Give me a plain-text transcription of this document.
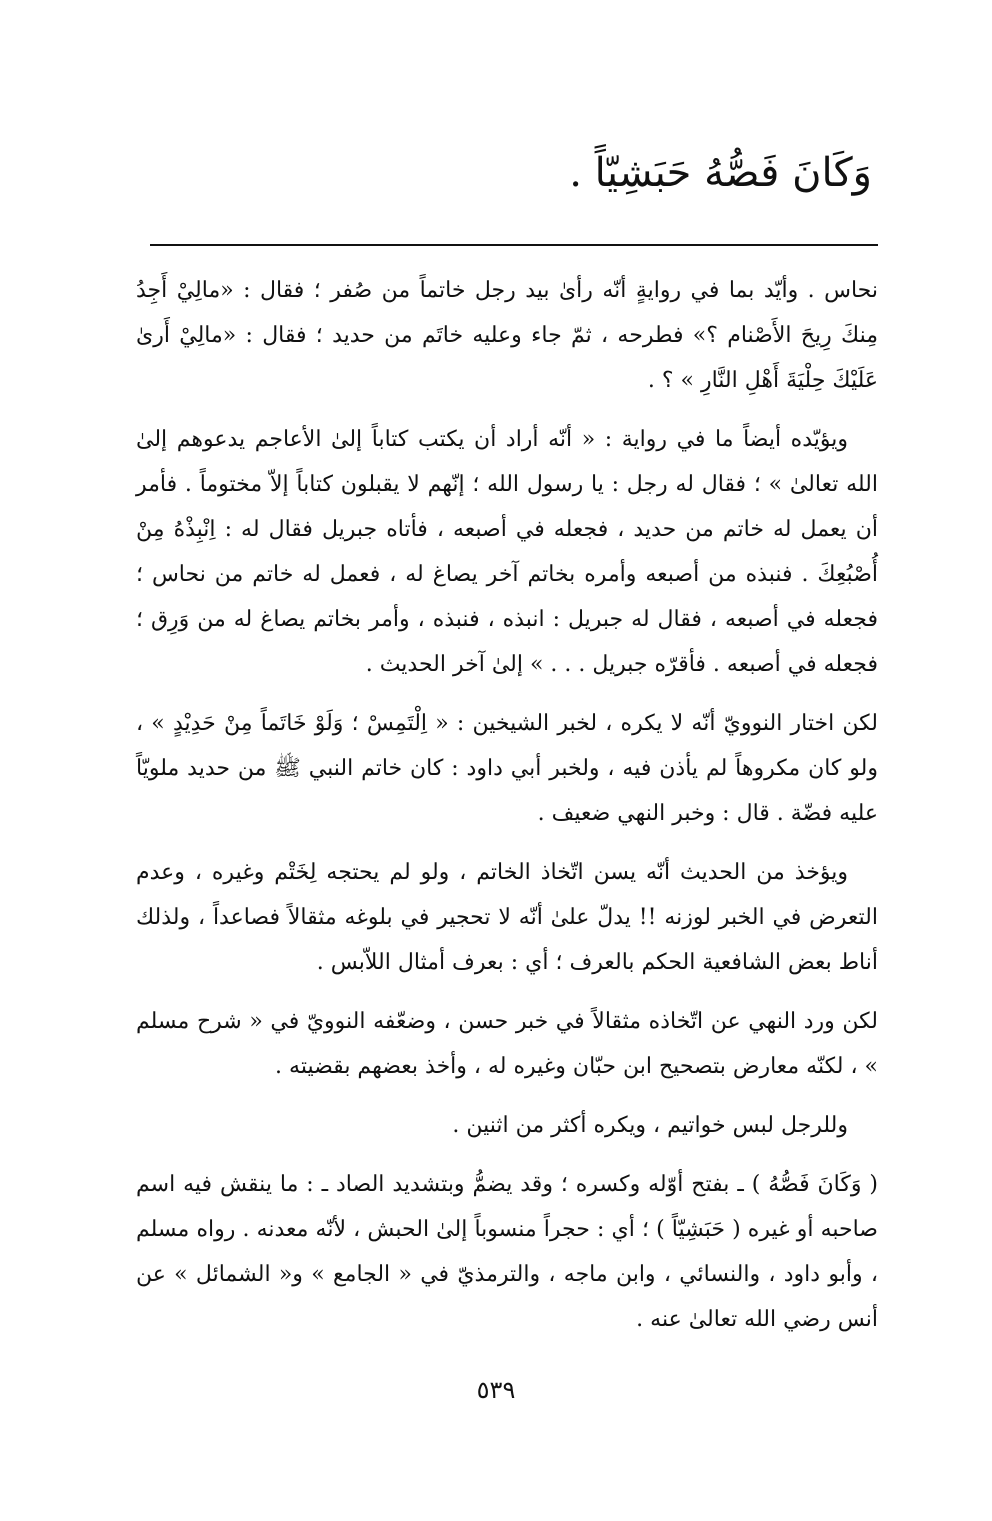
وَكَانَ فَصُّهُ حَبَشِيّاً .

نحاس . وأيّد بما في روايةٍ أنّه رأىٰ بيد رجل خاتماً من صُفر ؛ فقال : «مالِيْ أَجِدُ مِنكَ رِيحَ الأَصْنام ؟» فطرحه ، ثمّ جاء وعليه خاتَم من حديد ؛ فقال : «مالِيْ أَرىٰ عَلَيْكَ حِلْيَةَ أَهْلِ النَّارِ » ؟ .

ويؤيّده أيضاً ما في رواية : « أنّه أراد أن يكتب كتاباً إلىٰ الأعاجم يدعوهم إلىٰ الله تعالىٰ » ؛ فقال له رجل : يا رسول الله ؛ إنّهم لا يقبلون كتاباً إلاّ مختوماً . فأمر أن يعمل له خاتم من حديد ، فجعله في أصبعه ، فأتاه جبريل فقال له : اِنْبِذْهُ مِنْ أُصْبُعِكَ . فنبذه من أصبعه وأمره بخاتم آخر يصاغ له ، فعمل له خاتم من نحاس ؛ فجعله في أصبعه ، فقال له جبريل : انبذه ، فنبذه ، وأمر بخاتم يصاغ له من وَرِق ؛ فجعله في أصبعه . فأقرّه جبريل . . . » إلىٰ آخر الحديث .

لكن اختار النوويّ أنّه لا يكره ، لخبر الشيخين : « اِلْتَمِسْ ؛ وَلَوْ خَاتَماً مِنْ حَدِيْدٍ » ، ولو كان مكروهاً لم يأذن فيه ، ولخبر أبي داود : كان خاتم النبي ﷺ من حديد ملويّاً عليه فضّة . قال : وخبر النهي ضعيف .

ويؤخذ من الحديث أنّه يسن اتّخاذ الخاتم ، ولو لم يحتجه لِخَتْم وغيره ، وعدم التعرض في الخبر لوزنه !! يدلّ علىٰ أنّه لا تحجير في بلوغه مثقالاً فصاعداً ، ولذلك أناط بعض الشافعية الحكم بالعرف ؛ أي : بعرف أمثال اللاّبس .

لكن ورد النهي عن اتّخاذه مثقالاً في خبر حسن ، وضعّفه النوويّ في « شرح مسلم » ، لكنّه معارض بتصحيح ابن حبّان وغيره له ، وأخذ بعضهم بقضيته .

وللرجل لبس خواتيم ، ويكره أكثر من اثنين .

( وَكَانَ فَصُّهُ ) ـ بفتح أوّله وكسره ؛ وقد يضمُّ وبتشديد الصاد ـ : ما ينقش فيه اسم صاحبه أو غيره ( حَبَشِيّاً ) ؛ أي : حجراً منسوباً إلىٰ الحبش ، لأنّه معدنه . رواه مسلم ، وأبو داود ، والنسائي ، وابن ماجه ، والترمذيّ في « الجامع » و« الشمائل » عن أنس رضي الله تعالىٰ عنه .

٥٣٩
